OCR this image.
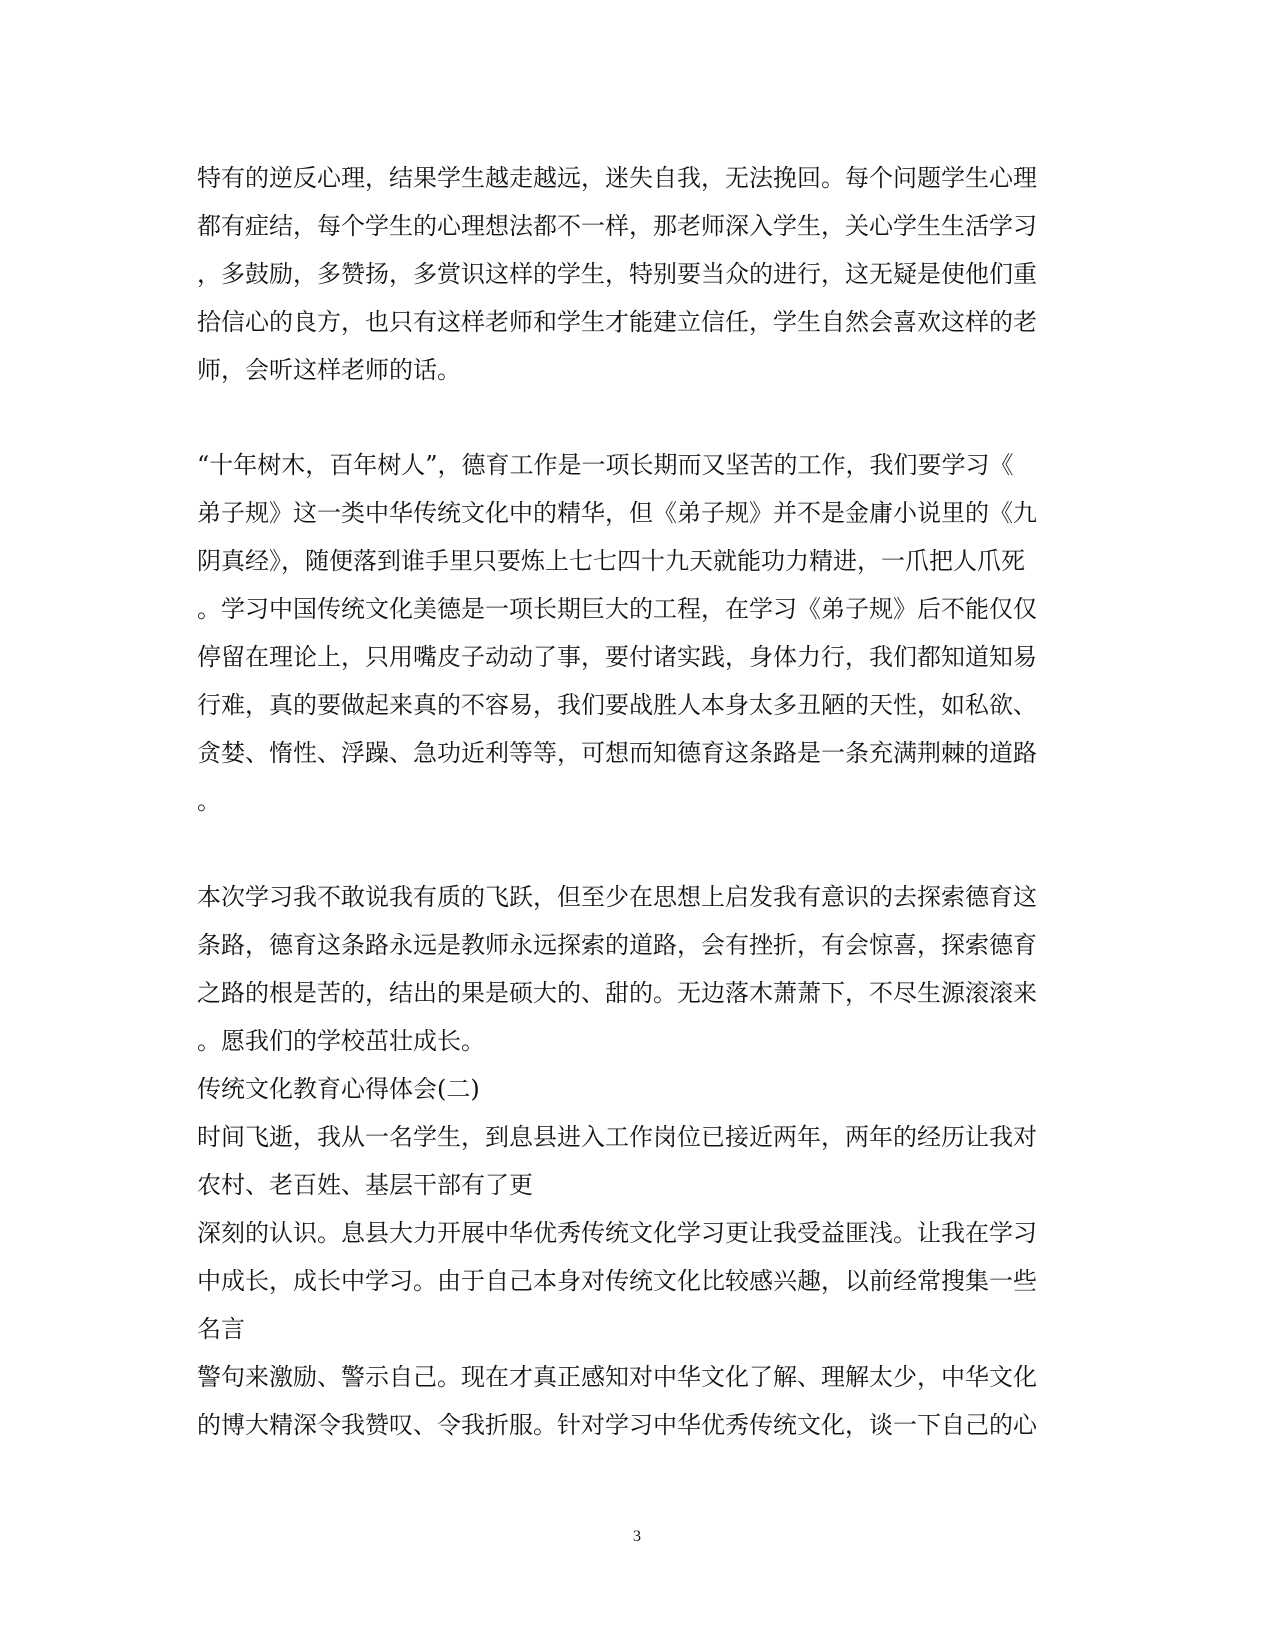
特有的逆反心理，结果学生越走越远，迷失自我，无法挽回。每个问题学生心理
都有症结，每个学生的心理想法都不一样，那老师深入学生，关心学生生活学习
，多鼓励，多赞扬，多赏识这样的学生，特别要当众的进行，这无疑是使他们重
拾信心的良方，也只有这样老师和学生才能建立信任，学生自然会喜欢这样的老
师，会听这样老师的话。
“十年树木，百年树人”，德育工作是一项长期而又坚苦的工作，我们要学习《
弟子规》这一类中华传统文化中的精华，但《弟子规》并不是金庸小说里的《九
阴真经》，随便落到谁手里只要炼上七七四十九天就能功力精进，一爪把人爪死
。学习中国传统文化美德是一项长期巨大的工程，在学习《弟子规》后不能仅仅
停留在理论上，只用嘴皮子动动了事，要付诸实践，身体力行，我们都知道知易
行难，真的要做起来真的不容易，我们要战胜人本身太多丑陋的天性，如私欲、
贪婪、惰性、浮躁、急功近利等等，可想而知德育这条路是一条充满荆棘的道路
。
本次学习我不敢说我有质的飞跃，但至少在思想上启发我有意识的去探索德育这
条路，德育这条路永远是教师永远探索的道路，会有挫折，有会惊喜，探索德育
之路的根是苦的，结出的果是硕大的、甜的。无边落木萧萧下，不尽生源滚滚来
。愿我们的学校茁壮成长。
传统文化教育心得体会(二)
时间飞逝，我从一名学生，到息县进入工作岗位已接近两年，两年的经历让我对
农村、老百姓、基层干部有了更
深刻的认识。息县大力开展中华优秀传统文化学习更让我受益匪浅。让我在学习
中成长，成长中学习。由于自己本身对传统文化比较感兴趣，以前经常搜集一些
名言
警句来激励、警示自己。现在才真正感知对中华文化了解、理解太少，中华文化
的博大精深令我赞叹、令我折服。针对学习中华优秀传统文化，谈一下自己的心
3
